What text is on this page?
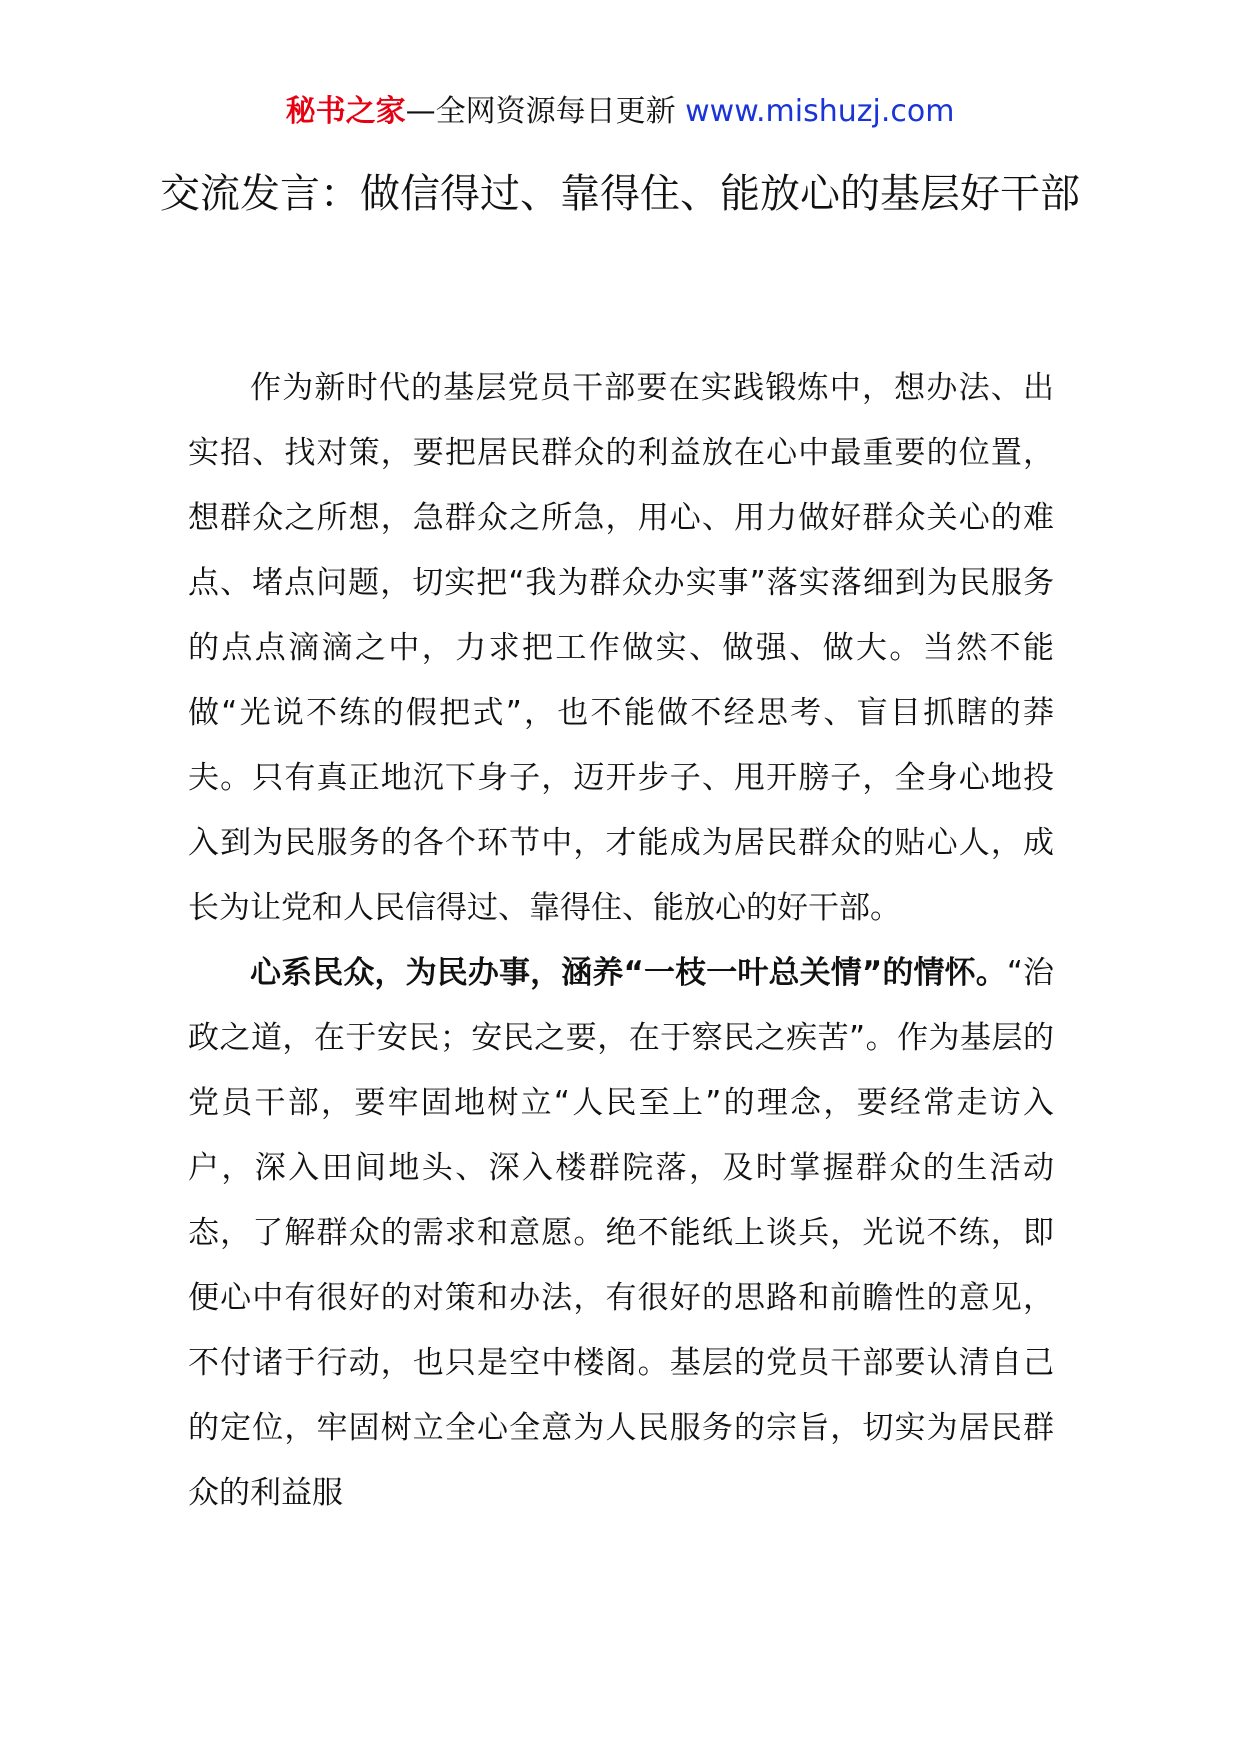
秘书之家—全网资源每日更新 www.mishuzj.com
交流发言：做信得过、靠得住、能放心的基层好干部

作为新时代的基层党员干部要在实践锻炼中，想办法、出实招、找对策，要把居民群众的利益放在心中最重要的位置，想群众之所想，急群众之所急，用心、用力做好群众关心的难点、堵点问题，切实把“我为群众办实事”落实落细到为民服务的点点滴滴之中，力求把工作做实、做强、做大。当然不能做“光说不练的假把式”，也不能做不经思考、盲目抓瞎的莽夫。只有真正地沉下身子，迈开步子、甩开膀子，全身心地投入到为民服务的各个环节中，才能成为居民群众的贴心人，成长为让党和人民信得过、靠得住、能放心的好干部。

心系民众，为民办事，涵养“一枝一叶总关情”的情怀。“治政之道，在于安民；安民之要，在于察民之疾苦”。作为基层的党员干部，要牢固地树立“人民至上”的理念，要经常走访入户，深入田间地头、深入楼群院落，及时掌握群众的生活动态，了解群众的需求和意愿。绝不能纸上谈兵，光说不练，即便心中有很好的对策和办法，有很好的思路和前瞻性的意见，不付诸于行动，也只是空中楼阁。基层的党员干部要认清自己的定位，牢固树立全心全意为人民服务的宗旨，切实为居民群众的利益服
